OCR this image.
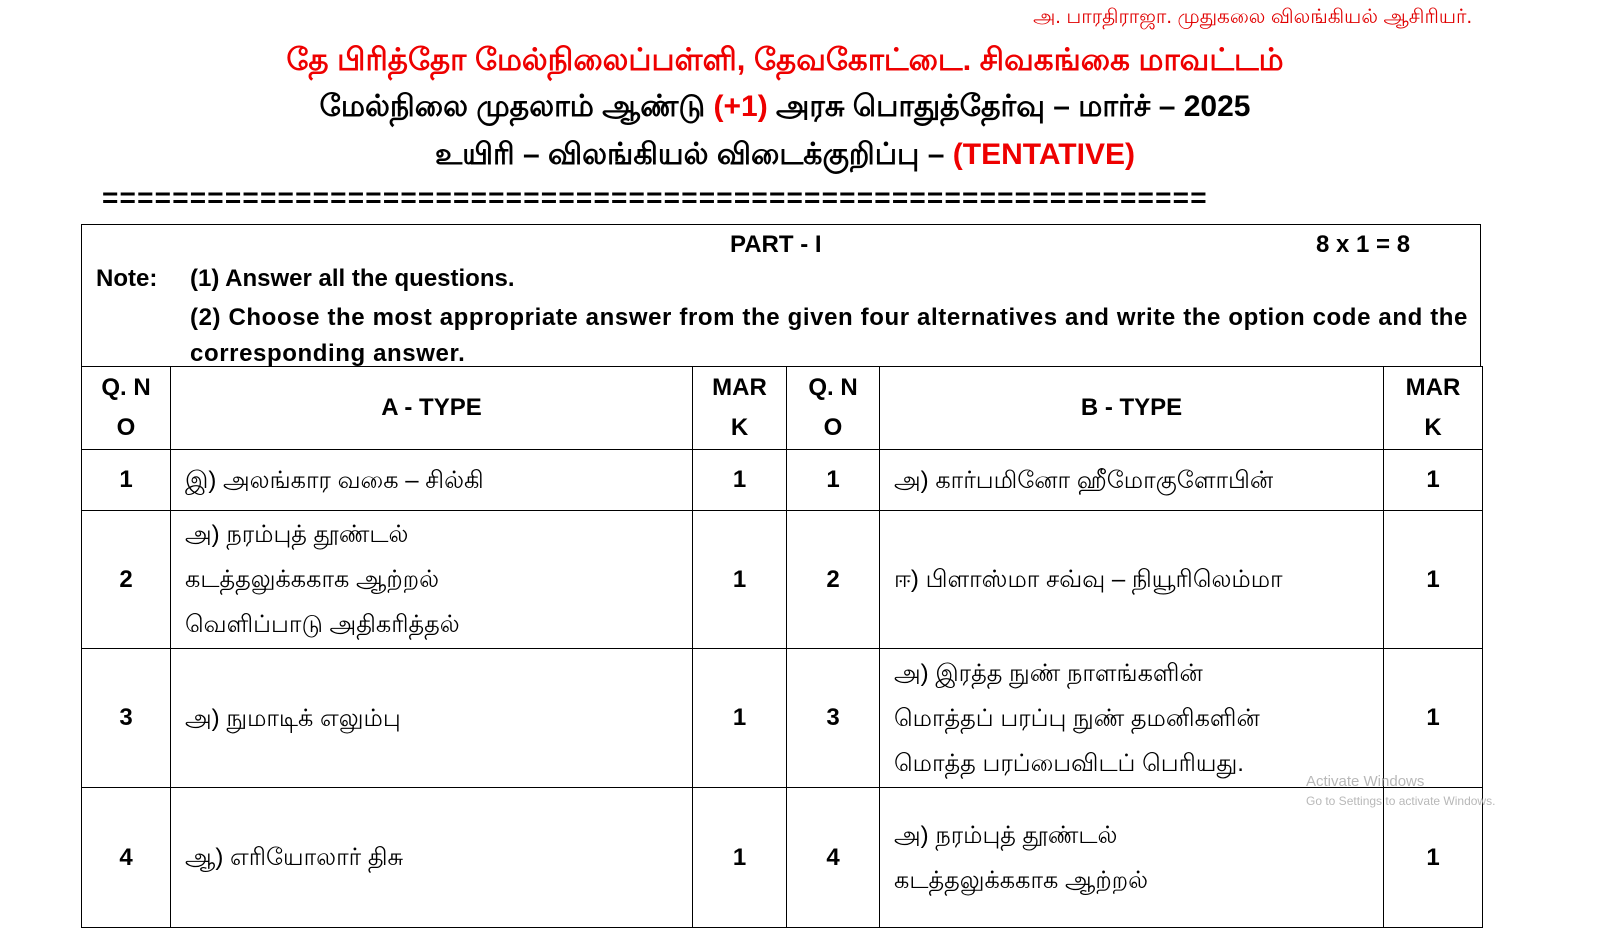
அ. பாரதிராஜா. முதுகலை விலங்கியல் ஆசிரியர்.
தே பிரித்தோ மேல்நிலைப்பள்ளி, தேவகோட்டை. சிவகங்கை மாவட்டம்
மேல்நிலை முதலாம் ஆண்டு (+1) அரசு பொதுத்தேர்வு – மார்ச் – 2025
உயிரி – விலங்கியல் விடைக்குறிப்பு – (TENTATIVE)
===============================================================
PART - I	8 x 1 = 8
Note: (1) Answer all the questions.
(2) Choose the most appropriate answer from the given four alternatives and write the option code and the corresponding answer.
Q. NO	A - TYPE	MARK	Q. NO	B - TYPE	MARK
1	இ) அலங்கார வகை – சில்கி	1	1	அ) கார்பமினோ ஹீமோகுளோபின்	1
2	அ) நரம்புத் தூண்டல்
கடத்தலுக்ககாக ஆற்றல்
வெளிப்பாடு அதிகரித்தல்	1	2	ஈ) பிளாஸ்மா சவ்வு – நியூரிலெம்மா	1
3	அ) நுமாடிக் எலும்பு	1	3	அ) இரத்த நுண் நாளங்களின்
மொத்தப் பரப்பு நுண் தமனிகளின்
மொத்த பரப்பைவிடப் பெரியது.	1
4	ஆ) எரியோலார் திசு	1	4	அ) நரம்புத் தூண்டல்
கடத்தலுக்ககாக ஆற்றல்	1
Activate Windows
Go to Settings to activate Windows.
